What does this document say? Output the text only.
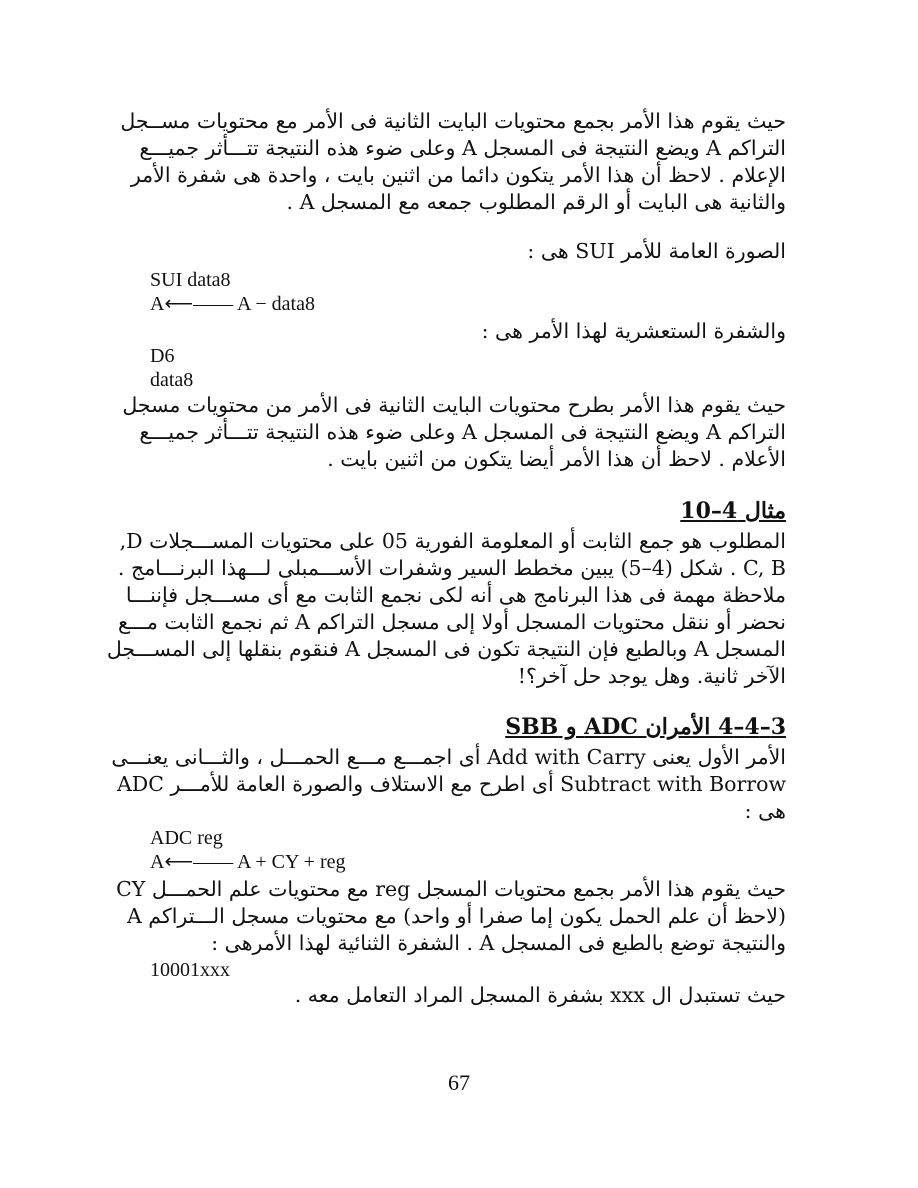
حيث يقوم هذا الأمر بجمع محتويات البايت الثانية فى الأمر مع محتويات مســجل
التراكم A ويضع النتيجة فى المسجل A وعلى ضوء هذه النتيجة تتـــأثر جميـــع
الإعلام . لاحظ أن هذا الأمر يتكون دائما من اثنين بايت ، واحدة هى شفرة الأمر
والثانية هى البايت أو الرقم المطلوب جمعه مع المسجل A .
الصورة العامة للأمر SUI هى :
SUI data8
A⟵—— A − data8
والشفرة الستعشرية لهذا الأمر هى :
D6
data8
حيث يقوم هذا الأمر بطرح محتويات البايت الثانية فى الأمر من محتويات مسجل
التراكم A ويضع النتيجة فى المسجل A وعلى ضوء هذه النتيجة تتـــأثر جميـــع
الأعلام . لاحظ أن هذا الأمر أيضا يتكون من اثنين بايت .
مثال 4–10
المطلوب هو جمع الثابت أو المعلومة الفورية 05 على محتويات المســـجلات D,
C, B . شكل (4–5) يبين مخطط السير وشفرات الأســـمبلى لـــهذا البرنـــامج .
ملاحظة مهمة فى هذا البرنامج هى أنه لكى نجمع الثابت مع أى مســـجل فإننـــا
نحضر أو ننقل محتويات المسجل أولا إلى مسجل التراكم A ثم نجمع الثابت مـــع
المسجل A وبالطبع فإن النتيجة تكون فى المسجل A فنقوم بنقلها إلى المســـجل
الآخر ثانية. وهل يوجد حل آخر؟!
3–4–4 الأمران ADC و SBB
الأمر الأول يعنى Add with Carry أى اجمـــع مـــع الحمـــل ، والثـــانى يعنـــى
Subtract with Borrow أى اطرح مع الاستلاف والصورة العامة للأمـــر ADC
هى :
ADC reg
A⟵—— A + CY + reg
حيث يقوم هذا الأمر بجمع محتويات المسجل reg مع محتويات علم الحمـــل CY
(لاحظ أن علم الحمل يكون إما صفرا أو واحد) مع محتويات مسجل الـــتراكم A
والنتيجة توضع بالطبع فى المسجل A . الشفرة الثنائية لهذا الأمرهى :
10001xxx
حيث تستبدل ال xxx بشفرة المسجل المراد التعامل معه .
67
